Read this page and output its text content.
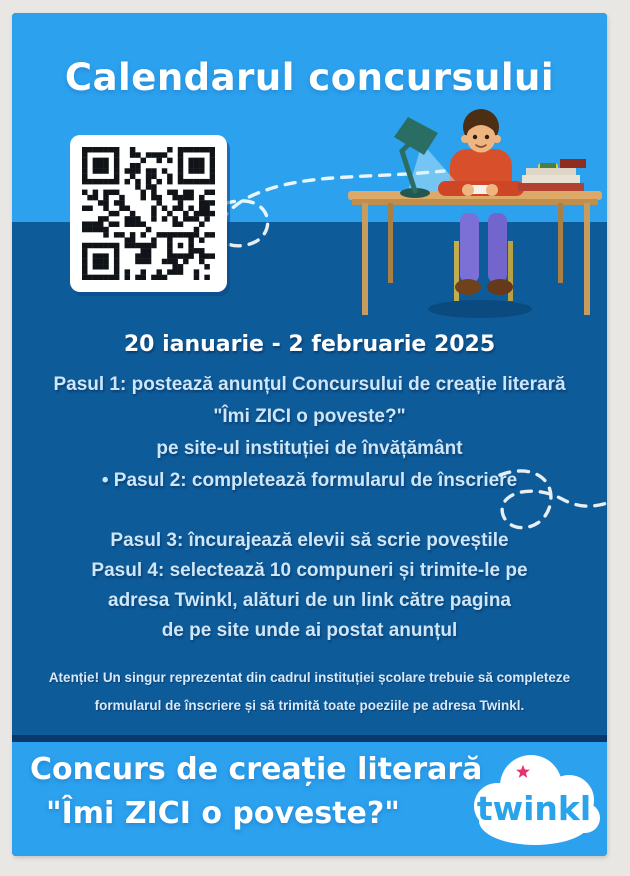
Calendarul concursului
20 ianuarie - 2 februarie 2025
Pasul 1: postează anunțul Concursului de creație literară
"Îmi ZICI o poveste?"
pe site-ul instituției de învățământ
• Pasul 2: completează formularul de înscriere
Pasul 3: încurajează elevii să scrie poveștile
Pasul 4: selectează 10 compuneri și trimite-le pe
adresa Twinkl, alături de un link către pagina
de pe site unde ai postat anunțul
Atenție! Un singur reprezentat din cadrul instituției școlare trebuie să completeze formularul de înscriere și să trimită toate poeziile pe adresa Twinkl.
Concurs de creație literară
"Îmi ZICI o poveste?"	twinkl
